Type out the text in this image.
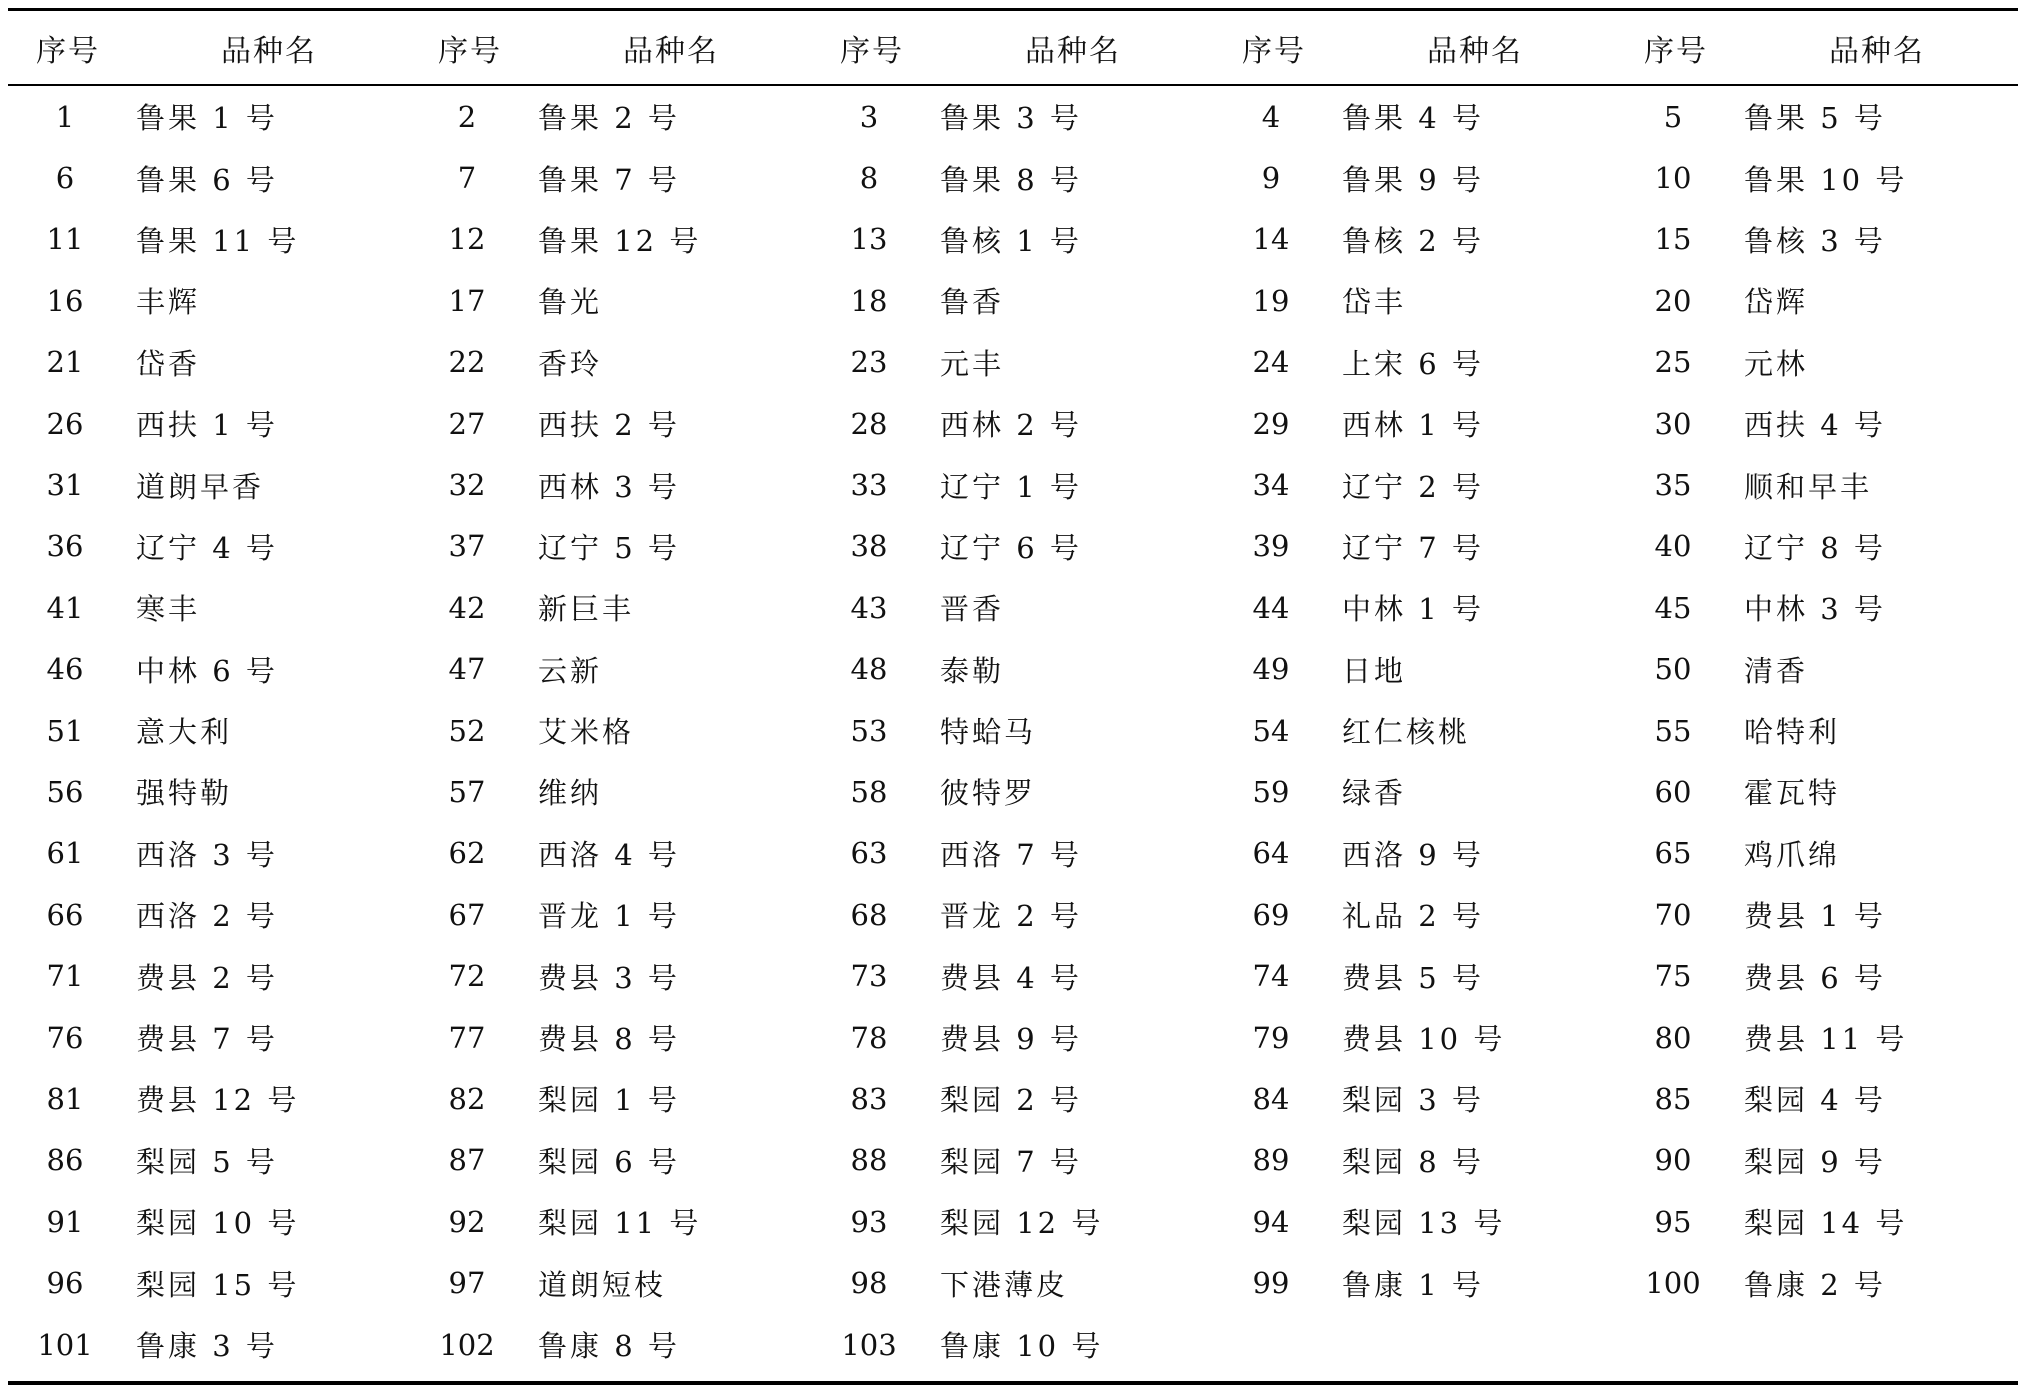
序号	品种名	序号	品种名	序号	品种名	序号	品种名	序号	品种名

1	鲁果 1 号	2	鲁果 2 号	3	鲁果 3 号	4	鲁果 4 号	5	鲁果 5 号
6	鲁果 6 号	7	鲁果 7 号	8	鲁果 8 号	9	鲁果 9 号	10	鲁果 10 号
11	鲁果 11 号	12	鲁果 12 号	13	鲁核 1 号	14	鲁核 2 号	15	鲁核 3 号
16	丰辉	17	鲁光	18	鲁香	19	岱丰	20	岱辉
21	岱香	22	香玲	23	元丰	24	上宋 6 号	25	元林
26	西扶 1 号	27	西扶 2 号	28	西林 2 号	29	西林 1 号	30	西扶 4 号
31	道朗早香	32	西林 3 号	33	辽宁 1 号	34	辽宁 2 号	35	顺和早丰
36	辽宁 4 号	37	辽宁 5 号	38	辽宁 6 号	39	辽宁 7 号	40	辽宁 8 号
41	寒丰	42	新巨丰	43	晋香	44	中林 1 号	45	中林 3 号
46	中林 6 号	47	云新	48	泰勒	49	日地	50	清香
51	意大利	52	艾米格	53	特蛤马	54	红仁核桃	55	哈特利
56	强特勒	57	维纳	58	彼特罗	59	绿香	60	霍瓦特
61	西洛 3 号	62	西洛 4 号	63	西洛 7 号	64	西洛 9 号	65	鸡爪绵
66	西洛 2 号	67	晋龙 1 号	68	晋龙 2 号	69	礼品 2 号	70	费县 1 号
71	费县 2 号	72	费县 3 号	73	费县 4 号	74	费县 5 号	75	费县 6 号
76	费县 7 号	77	费县 8 号	78	费县 9 号	79	费县 10 号	80	费县 11 号
81	费县 12 号	82	梨园 1 号	83	梨园 2 号	84	梨园 3 号	85	梨园 4 号
86	梨园 5 号	87	梨园 6 号	88	梨园 7 号	89	梨园 8 号	90	梨园 9 号
91	梨园 10 号	92	梨园 11 号	93	梨园 12 号	94	梨园 13 号	95	梨园 14 号
96	梨园 15 号	97	道朗短枝	98	下港薄皮	99	鲁康 1 号	100	鲁康 2 号
101	鲁康 3 号	102	鲁康 8 号	103	鲁康 10 号				
